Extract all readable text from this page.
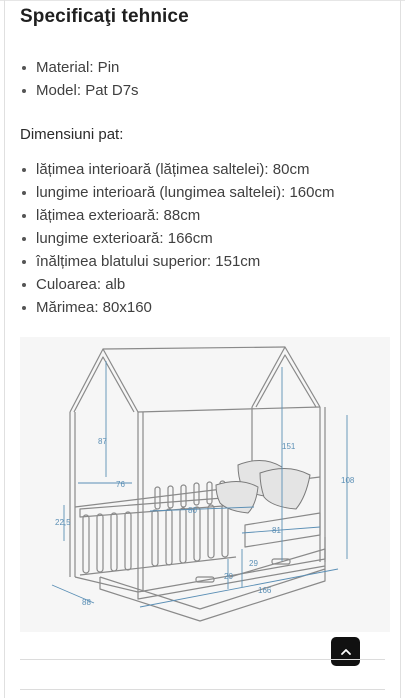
Specificaţi tehnice
Material: Pin
Model: Pat D7s
Dimensiuni pat:
lățimea interioară (lățimea saltelei): 80cm
lungime interioară (lungimea saltelei): 160cm
lățimea exterioară: 88cm
lungime exterioară: 166cm
înălțimea blatului superior: 151cm
Culoarea: alb
Mărimea: 80x160
87
151
108
76
80
81
22,5
29
20
88
166
